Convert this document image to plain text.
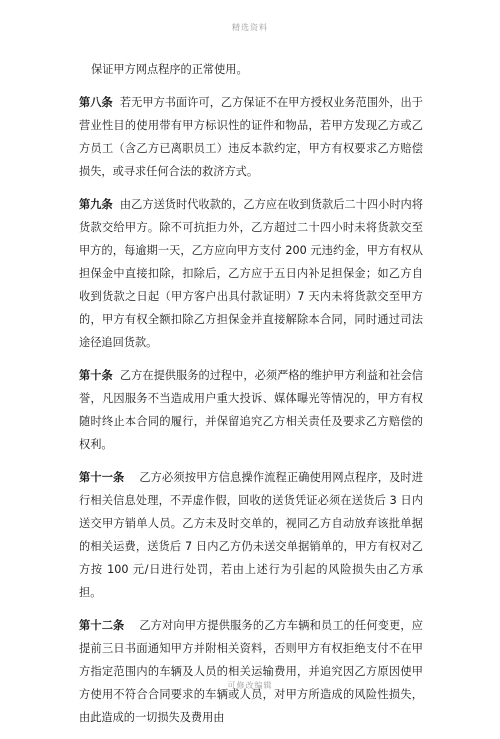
精选资料

保证甲方网点程序的正常使用。

第八条 若无甲方书面许可，乙方保证不在甲方授权业务范围外，出于营业性目的使用带有甲方标识性的证件和物品，若甲方发现乙方或乙方员工（含乙方已离职员工）违反本款约定，甲方有权要求乙方赔偿损失，或寻求任何合法的救济方式。

第九条 由乙方送货时代收款的，乙方应在收到货款后二十四小时内将货款交给甲方。除不可抗拒力外，乙方超过二十四小时未将货款交至甲方的，每逾期一天，乙方应向甲方支付 200 元违约金，甲方有权从担保金中直接扣除，扣除后，乙方应于五日内补足担保金；如乙方自收到货款之日起（甲方客户出具付款证明）7 天内未将货款交至甲方的，甲方有权全额扣除乙方担保金并直接解除本合同，同时通过司法途径追回货款。

第十条 乙方在提供服务的过程中，必须严格的维护甲方利益和社会信誉，凡因服务不当造成用户重大投诉、媒体曝光等情况的，甲方有权随时终止本合同的履行，并保留追究乙方相关责任及要求乙方赔偿的权利。

第十一条 乙方必须按甲方信息操作流程正确使用网点程序，及时进行相关信息处理，不弄虚作假，回收的送货凭证必须在送货后 3 日内送交甲方销单人员。乙方未及时交单的，视同乙方自动放弃该批单据的相关运费，送货后 7 日内乙方仍未送交单据销单的，甲方有权对乙方按 100 元/日进行处罚，若由上述行为引起的风险损失由乙方承担。

第十二条 乙方对向甲方提供服务的乙方车辆和员工的任何变更，应提前三日书面通知甲方并附相关资料，否则甲方有权拒绝支付不在甲方指定范围内的车辆及人员的相关运输费用，并追究因乙方原因使甲方使用不符合合同要求的车辆或人员，对甲方所造成的风险性损失，由此造成的一切损失及费用由

可修改编辑
